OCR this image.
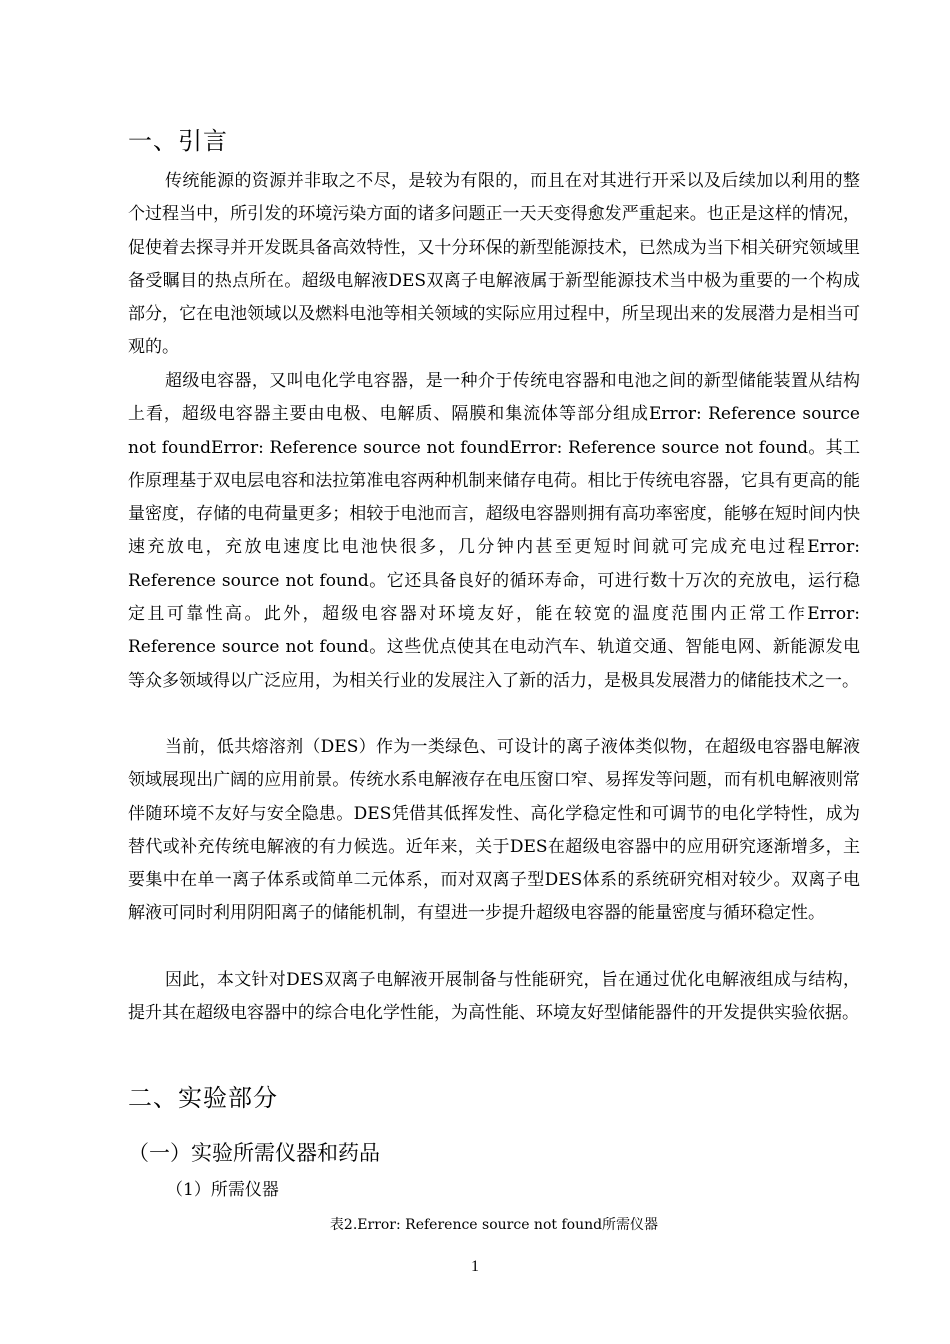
一、引言

传统能源的资源并非取之不尽，是较为有限的，而且在对其进行开采以及后续加以利用的整个过程当中，所引发的环境污染方面的诸多问题正一天天变得愈发严重起来。也正是这样的情况，促使着去探寻并开发既具备高效特性，又十分环保的新型能源技术，已然成为当下相关研究领域里备受瞩目的热点所在。超级电解液DES双离子电解液属于新型能源技术当中极为重要的一个构成部分，它在电池领域以及燃料电池等相关领域的实际应用过程中，所呈现出来的发展潜力是相当可观的。

超级电容器，又叫电化学电容器，是一种介于传统电容器和电池之间的新型储能装置从结构上看，超级电容器主要由电极、电解质、隔膜和集流体等部分组成Error: Reference source not foundError: Reference source not foundError: Reference source not found。其工作原理基于双电层电容和法拉第准电容两种机制来储存电荷。相比于传统电容器，它具有更高的能量密度，存储的电荷量更多；相较于电池而言，超级电容器则拥有高功率密度，能够在短时间内快速充放电，充放电速度比电池快很多，几分钟内甚至更短时间就可完成充电过程Error: Reference source not found。它还具备良好的循环寿命，可进行数十万次的充放电，运行稳定且可靠性高。此外，超级电容器对环境友好，能在较宽的温度范围内正常工作Error: Reference source not found。这些优点使其在电动汽车、轨道交通、智能电网、新能源发电等众多领域得以广泛应用，为相关行业的发展注入了新的活力，是极具发展潜力的储能技术之一。

当前，低共熔溶剂（DES）作为一类绿色、可设计的离子液体类似物，在超级电容器电解液领域展现出广阔的应用前景。传统水系电解液存在电压窗口窄、易挥发等问题，而有机电解液则常伴随环境不友好与安全隐患。DES凭借其低挥发性、高化学稳定性和可调节的电化学特性，成为替代或补充传统电解液的有力候选。近年来，关于DES在超级电容器中的应用研究逐渐增多，主要集中在单一离子体系或简单二元体系，而对双离子型DES体系的系统研究相对较少。双离子电解液可同时利用阴阳离子的储能机制，有望进一步提升超级电容器的能量密度与循环稳定性。

因此，本文针对DES双离子电解液开展制备与性能研究，旨在通过优化电解液组成与结构，提升其在超级电容器中的综合电化学性能，为高性能、环境友好型储能器件的开发提供实验依据。

二、实验部分
（一）实验所需仪器和药品

（1）所需仪器

表2.Error: Reference source not found所需仪器

1
